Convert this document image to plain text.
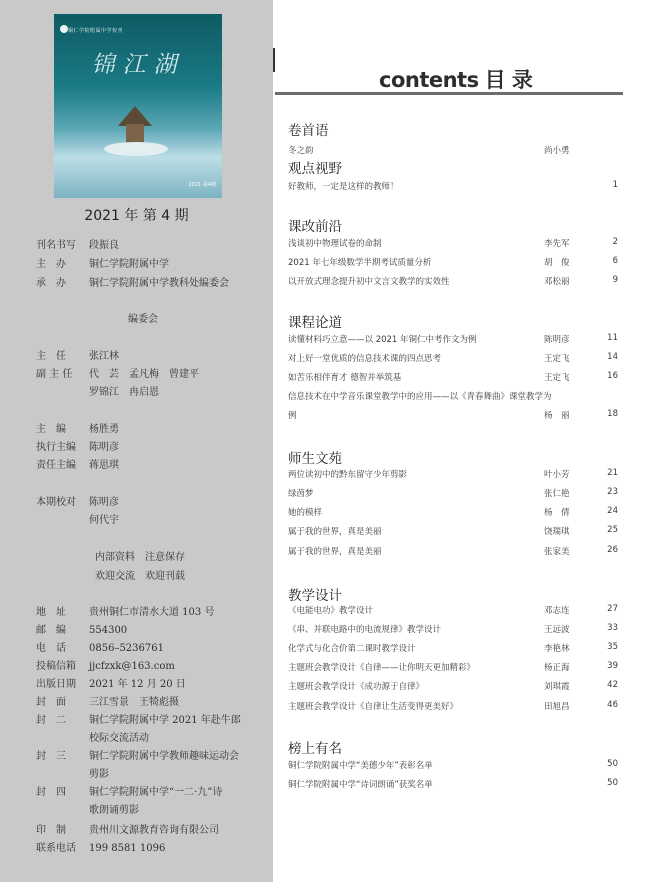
铜仁学院附属中学校刊
锦江湖
2021 第4期
2021 年 第 4 期
刊名书写 段振良
主　办 铜仁学院附属中学
承　办 铜仁学院附属中学教科处编委会
编委会
主　任 张江林
副 主 任 代　芸　孟凡梅　曾建平
罗锦江　冉启恩
主　编 杨胜勇
执行主编 陈明彦
责任主编 蒋思琪
本期校对 陈明彦
何代宇
内部资料　注意保存
欢迎交流　欢迎刊载
地　址 贵州铜仁市清水大道 103 号
邮　编 554300
电　话 0856–5236761
投稿信箱 jjcfzxk@163.com
出版日期 2021 年 12 月 20 日
封　面 三江雪景　王犄彪摄
封　二 铜仁学院附属中学 2021 年赴牛郎
校际交流活动
封　三 铜仁学院附属中学教师趣味运动会
剪影
封　四 铜仁学院附属中学“一二·九”诗
歌朗诵剪影
印　制 贵州川文源教育咨询有限公司
联系电话 199 8581 1096
contents 目 录
卷首语
冬之韵	尚小勇
观点视野
好教师，一定是这样的教师！	1
课改前沿
浅谈初中物理试卷的命制	李先军	2
2021 年七年级数学半期考试质量分析	胡　俊	6
以开放式理念提升初中文言文教学的实效性	邓松丽	9
课程论道
读懂材料巧立意——以 2021 年铜仁中考作文为例	陈明彦	11
对上好一堂优质的信息技术课的四点思考	王定飞	14
如苦乐相伴育才 德智并举筑基	王定飞	16
信息技术在中学音乐课堂教学中的应用——以《青春舞曲》课堂教学为
例	杨　丽	18
师生文苑
两位读初中的黔东留守少年剪影	叶小芳	21
绿茵梦	张仁艳	23
她的模样	杨　倩	24
属于我的世界，真是美丽	饶瑞琪	25
属于我的世界，真是美丽	张家美	26
教学设计
《电能电功》教学设计	邓志连	27
《串、并联电路中的电流规律》教学设计	王远波	33
化学式与化合价第二课时教学设计	李艳林	35
主题班会教学设计《自律——让你明天更加精彩》	杨正海	39
主题班会教学设计《成功源于自律》	刘琪霞	42
主题班会教学设计《自律让生活变得更美好》	田旭昌	46
榜上有名
铜仁学院附属中学“美德少年”表彰名单	50
铜仁学院附属中学“诗词朗诵”获奖名单	50
